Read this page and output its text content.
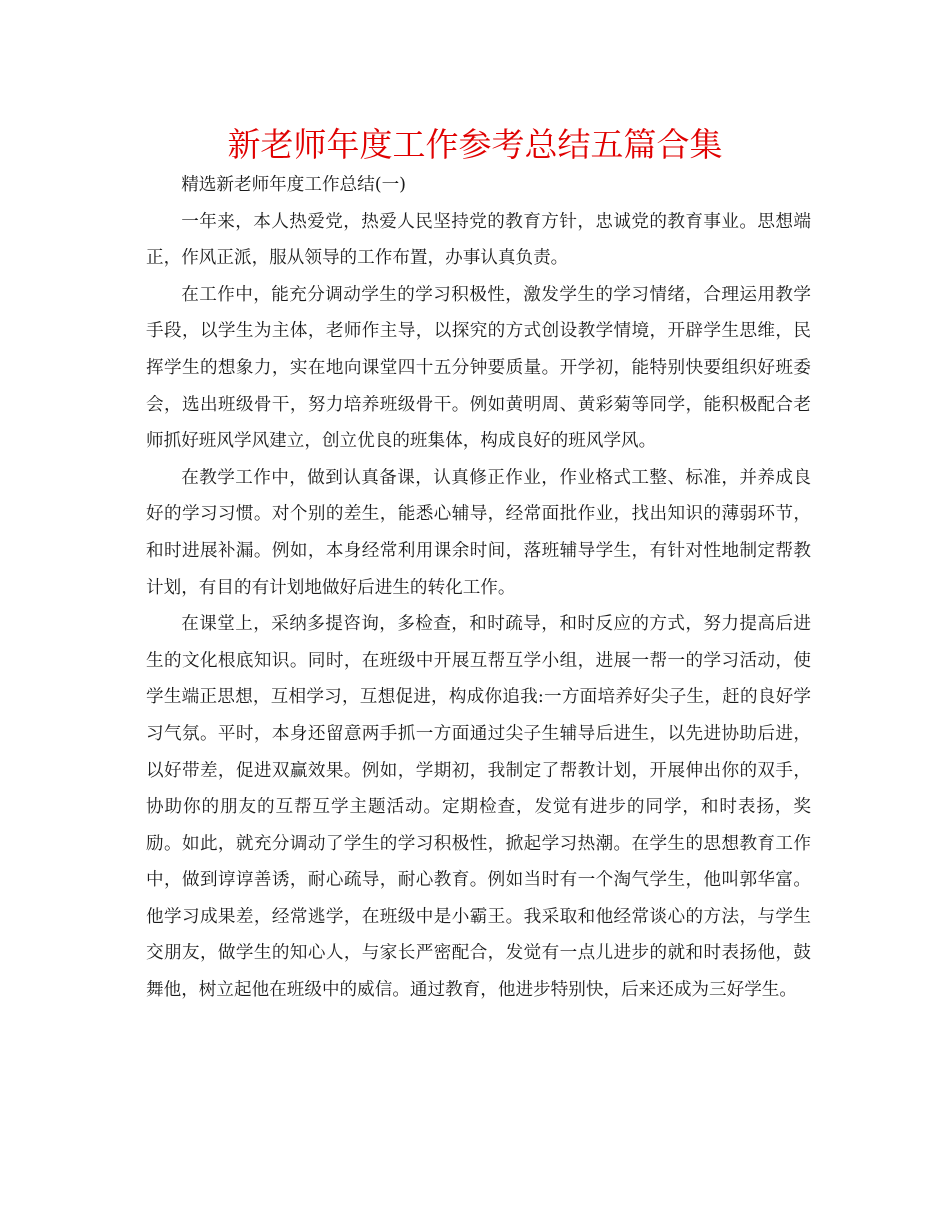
新老师年度工作参考总结五篇合集

精选新老师年度工作总结(一)

一年来，本人热爱党，热爱人民坚持党的教育方针，忠诚党的教育事业。思想端正，作风正派，服从领导的工作布置，办事认真负责。

在工作中，能充分调动学生的学习积极性，激发学生的学习情绪，合理运用教学手段，以学生为主体，老师作主导，以探究的方式创设教学情境，开辟学生思维，民挥学生的想象力，实在地向课堂四十五分钟要质量。开学初，能特别快要组织好班委会，选出班级骨干，努力培养班级骨干。例如黄明周、黄彩菊等同学，能积极配合老师抓好班风学风建立，创立优良的班集体，构成良好的班风学风。

在教学工作中，做到认真备课，认真修正作业，作业格式工整、标准，并养成良好的学习习惯。对个别的差生，能悉心辅导，经常面批作业，找出知识的薄弱环节，和时进展补漏。例如，本身经常利用课余时间，落班辅导学生，有针对性地制定帮教计划，有目的有计划地做好后进生的转化工作。

在课堂上，采纳多提咨询，多检查，和时疏导，和时反应的方式，努力提高后进生的文化根底知识。同时，在班级中开展互帮互学小组，进展一帮一的学习活动，使学生端正思想，互相学习，互想促进，构成你追我:一方面培养好尖子生，赶的良好学习气氛。平时，本身还留意两手抓一方面通过尖子生辅导后进生，以先进协助后进，以好带差，促进双赢效果。例如，学期初，我制定了帮教计划，开展伸出你的双手，协助你的朋友的互帮互学主题活动。定期检查，发觉有进步的同学，和时表扬，奖励。如此，就充分调动了学生的学习积极性，掀起学习热潮。在学生的思想教育工作中，做到谆谆善诱，耐心疏导，耐心教育。例如当时有一个淘气学生，他叫郭华富。他学习成果差，经常逃学，在班级中是小霸王。我采取和他经常谈心的方法，与学生交朋友，做学生的知心人，与家长严密配合，发觉有一点儿进步的就和时表扬他，鼓舞他，树立起他在班级中的威信。通过教育，他进步特别快，后来还成为三好学生。
